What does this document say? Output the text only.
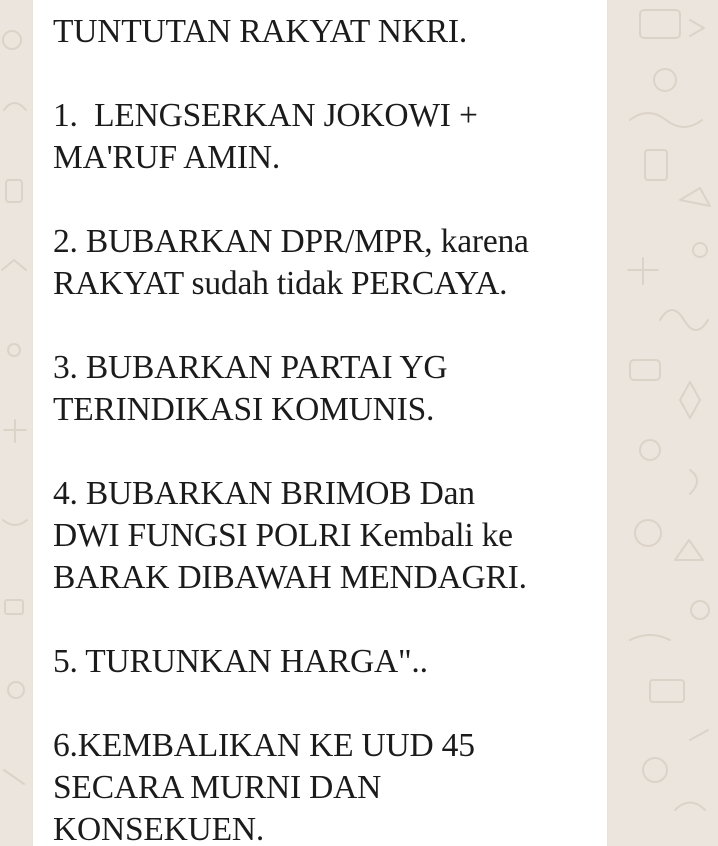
TUNTUTAN RAKYAT NKRI.
1.  LENGSERKAN JOKOWI +
MA'RUF AMIN.
2. BUBARKAN DPR/MPR, karena
RAKYAT sudah tidak PERCAYA.
3. BUBARKAN PARTAI YG
TERINDIKASI KOMUNIS.
4. BUBARKAN BRIMOB Dan
DWI FUNGSI POLRI Kembali ke
BARAK DIBAWAH MENDAGRI.
5. TURUNKAN HARGA"..
6.KEMBALIKAN KE UUD 45
SECARA MURNI DAN
KONSEKUEN.
